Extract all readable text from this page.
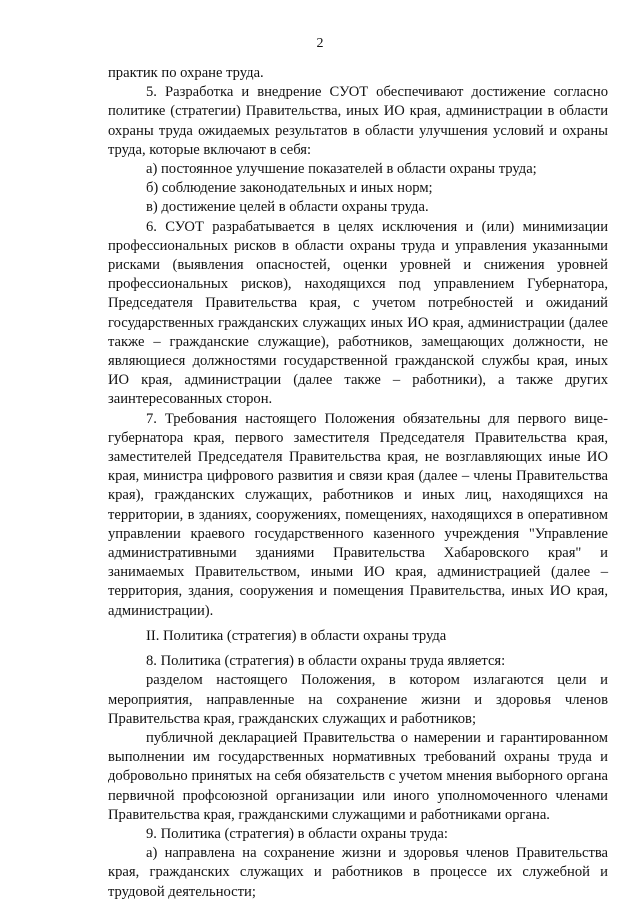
2

практик по охране труда.

5. Разработка и внедрение СУОТ обеспечивают достижение согласно политике (стратегии) Правительства, иных ИО края, администрации в области охраны труда ожидаемых результатов в области улучшения условий и охраны труда, которые включают в себя:

а) постоянное улучшение показателей в области охраны труда;

б) соблюдение законодательных и иных норм;

в) достижение целей в области охраны труда.

6. СУОТ разрабатывается в целях исключения и (или) минимизации профессиональных рисков в области охраны труда и управления указанными рисками (выявления опасностей, оценки уровней и снижения уровней профессиональных рисков), находящихся под управлением Губернатора, Председателя Правительства края, с учетом потребностей и ожиданий государственных гражданских служащих иных ИО края, администрации (далее также – гражданские служащие), работников, замещающих должности, не являющиеся должностями государственной гражданской службы края, иных ИО края, администрации (далее также – работники), а также других заинтересованных сторон.

7. Требования настоящего Положения обязательны для первого вице-губернатора края, первого заместителя Председателя Правительства края, заместителей Председателя Правительства края, не возглавляющих иные ИО края, министра цифрового развития и связи края (далее – члены Правительства края), гражданских служащих, работников и иных лиц, находящихся на территории, в зданиях, сооружениях, помещениях, находящихся в оперативном управлении краевого государственного казенного учреждения "Управление административными зданиями Правительства Хабаровского края" и занимаемых Правительством, иными ИО края, администрацией (далее – территория, здания, сооружения и помещения Правительства, иных ИО края, администрации).

II. Политика (стратегия) в области охраны труда

8. Политика (стратегия) в области охраны труда является:

разделом настоящего Положения, в котором излагаются цели и мероприятия, направленные на сохранение жизни и здоровья членов Правительства края, гражданских служащих и работников;

публичной декларацией Правительства о намерении и гарантированном выполнении им государственных нормативных требований охраны труда и добровольно принятых на себя обязательств с учетом мнения выборного органа первичной профсоюзной организации или иного уполномоченного членами Правительства края, гражданскими служащими и работниками органа.

9. Политика (стратегия) в области охраны труда:

а) направлена на сохранение жизни и здоровья членов Правительства края, гражданских служащих и работников в процессе их служебной и трудовой деятельности;
